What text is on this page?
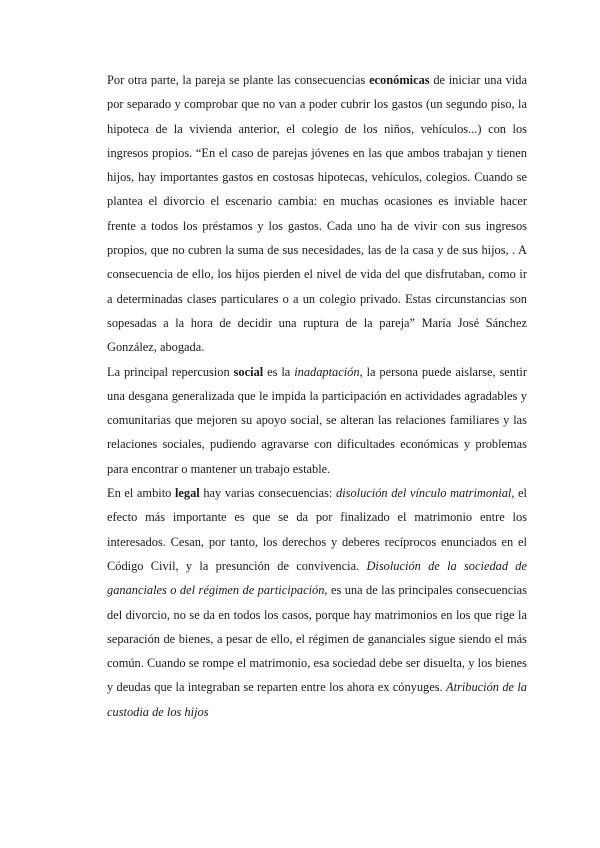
Por otra parte, la pareja se plante las consecuencias económicas de iniciar una vida por separado y comprobar que no van a poder cubrir los gastos (un segundo piso, la hipoteca de la vivienda anterior, el colegio de los niños, vehículos...) con los ingresos propios. “En el caso de parejas jóvenes en las que ambos trabajan y tienen hijos, hay importantes gastos en costosas hipotecas, vehículos, colegios. Cuando se plantea el divorcio el escenario cambia: en muchas ocasiones es inviable hacer frente a todos los préstamos y los gastos. Cada uno ha de vivir con sus ingresos propios, que no cubren la suma de sus necesidades, las de la casa y de sus hijos, . A consecuencia de ello, los hijos pierden el nivel de vida del que disfrutaban, como ir a determinadas clases particulares o a un colegio privado. Estas circunstancias son sopesadas a la hora de decidir una ruptura de la pareja” María José Sánchez González, abogada.

La principal repercusion social es la inadaptación, la persona puede aislarse, sentir una desgana generalizada que le impida la participación en actividades agradables y comunitarias que mejoren su apoyo social, se alteran las relaciones familiares y las relaciones sociales, pudiendo agravarse con dificultades económicas y problemas para encontrar o mantener un trabajo estable.

En el ambito legal hay varias consecuencias: disolución del vínculo matrimonial, el efecto más importante es que se da por finalizado el matrimonio entre los interesados. Cesan, por tanto, los derechos y deberes recíprocos enunciados en el Código Civil, y la presunción de convivencia. Disolución de la sociedad de gananciales o del régimen de participación, es una de las principales consecuencias del divorcio, no se da en todos los casos, porque hay matrimonios en los que rige la separación de bienes, a pesar de ello, el régimen de gananciales sigue siendo el más común. Cuando se rompe el matrimonio, esa sociedad debe ser disuelta, y los bienes y deudas que la integraban se reparten entre los ahora ex cónyuges. Atribución de la custodia de los hijos
